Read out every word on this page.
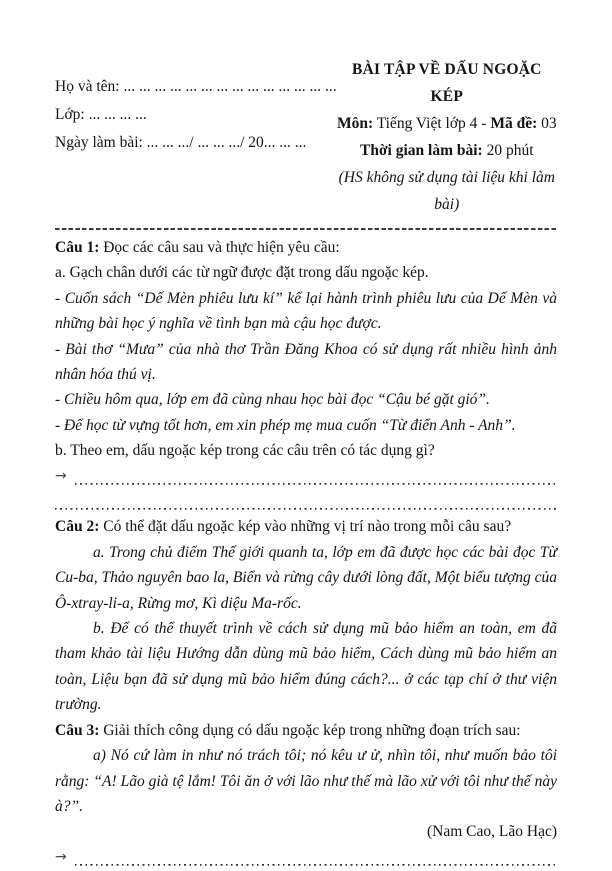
Họ và tên: ... ... ... ... ... ... ... ... ... ... ... ... ... ...
Lớp: ... ... ... ...
Ngày làm bài: ... ... .../ ... ... .../ 20... ... ...
BÀI TẬP VỀ DẤU NGOẶC KÉP
Môn: Tiếng Việt lớp 4 - Mã đề: 03
Thời gian làm bài: 20 phút
(HS không sử dụng tài liệu khi làm bài)

Câu 1: Đọc các câu sau và thực hiện yêu cầu:

a. Gạch chân dưới các từ ngữ được đặt trong dấu ngoặc kép.

- Cuốn sách “Dế Mèn phiêu lưu kí” kể lại hành trình phiêu lưu của Dế Mèn và những bài học ý nghĩa về tình bạn mà cậu học được.

- Bài thơ “Mưa” của nhà thơ Trần Đăng Khoa có sử dụng rất nhiều hình ảnh nhân hóa thú vị.

- Chiều hôm qua, lớp em đã cùng nhau học bài đọc “Cậu bé gặt gió”.

- Để học từ vựng tốt hơn, em xin phép mẹ mua cuốn “Từ điển Anh - Anh”.

b. Theo em, dấu ngoặc kép trong các câu trên có tác dụng gì?

→

Câu 2: Có thể đặt dấu ngoặc kép vào những vị trí nào trong mỗi câu sau?

a. Trong chủ điểm Thế giới quanh ta, lớp em đã được học các bài đọc Từ Cu-ba, Thảo nguyên bao la, Biển và rừng cây dưới lòng đất, Một biểu tượng của Ô-xtray-li-a, Rừng mơ, Kì diệu Ma-rốc.

b. Để có thể thuyết trình về cách sử dụng mũ bảo hiểm an toàn, em đã tham khảo tài liệu Hướng dẫn dùng mũ bảo hiểm, Cách dùng mũ bảo hiểm an toàn, Liệu bạn đã sử dụng mũ bảo hiểm đúng cách?... ở các tạp chí ở thư viện trường.

Câu 3: Giải thích công dụng có dấu ngoặc kép trong những đoạn trích sau:

a) Nó cứ làm in như nó trách tôi; nó kêu ư ử, nhìn tôi, như muốn bảo tôi rằng: “A! Lão già tệ lắm! Tôi ăn ở với lão như thế mà lão xử với tôi như thế này à?”.

(Nam Cao, Lão Hạc)

→
